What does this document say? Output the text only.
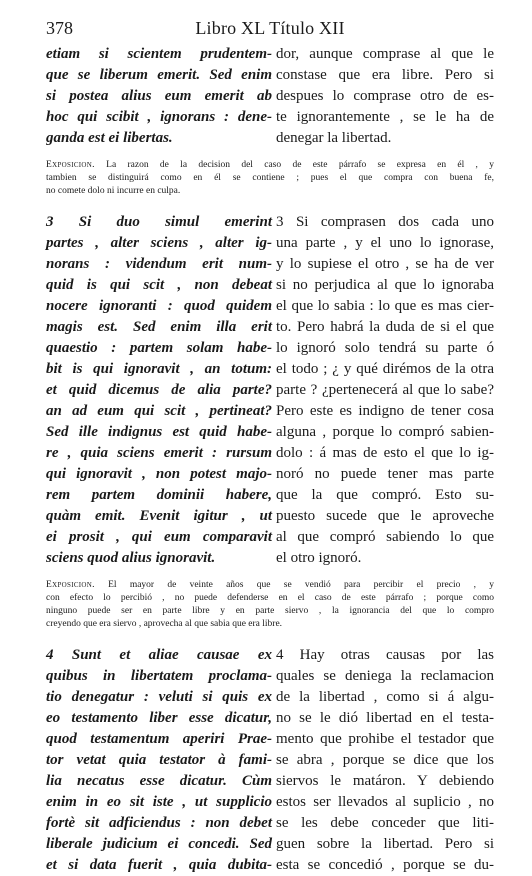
378	Libro XL Título XII
etiam si scientem prudentem-
que se liberum emerit. Sed enim
si postea alius eum emerit ab
hoc qui scibit , ignorans : dene-
ganda est ei libertas.
dor, aunque comprase al que le
constase que era libre. Pero si
despues lo comprase otro de es-
te ignorantemente , se le ha de
denegar la libertad.
Exposicion. La razon de la decision del caso de este párrafo se expresa en él , y
tambien se distinguirá como en él se contiene ; pues el que compra con buena fe,
no comete dolo ni incurre en culpa.
3 Si duo simul emerint
partes , alter sciens , alter ig-
norans : videndum erit num-
quid is qui scit , non debeat
nocere ignoranti : quod quidem
magis est. Sed enim illa erit
quaestio : partem solam habe-
bit is qui ignoravit , an totum:
et quid dicemus de alia parte?
an ad eum qui scit , pertineat?
Sed ille indignus est quid habe-
re , quia sciens emerit : rursum
qui ignoravit , non potest majo-
rem partem dominii habere,
quàm emit. Evenit igitur , ut
ei prosit , qui eum comparavit
sciens quod alius ignoravit.
3 Si comprasen dos cada uno
una parte , y el uno lo ignorase,
y lo supiese el otro , se ha de ver
si no perjudica al que lo ignoraba
el que lo sabia : lo que es mas cier-
to. Pero habrá la duda de si el que
lo ignoró solo tendrá su parte ó
el todo ; ¿ y qué dirémos de la otra
parte ? ¿pertenecerá al que lo sabe?
Pero este es indigno de tener cosa
alguna , porque lo compró sabien-
dolo : á mas de esto el que lo ig-
noró no puede tener mas parte
que la que compró. Esto su-
puesto sucede que le aproveche
al que compró sabiendo lo que
el otro ignoró.
Exposicion. El mayor de veinte años que se vendió para percibir el precio , y
con efecto lo percibió , no puede defenderse en el caso de este párrafo ; porque como
ninguno puede ser en parte libre y en parte siervo , la ignorancia del que lo compro
creyendo que era siervo , aprovecha al que sabia que era libre.
4 Sunt et aliae causae ex
quibus in libertatem proclama-
tio denegatur : veluti si quis ex
eo testamento liber esse dicatur,
quod testamentum aperiri Prae-
tor vetat quia testator à fami-
lia necatus esse dicatur. Cùm
enim in eo sit iste , ut supplicio
fortè sit adficiendus : non debet
liberale judicium ei concedi. Sed
et si data fuerit , quia dubita-
4 Hay otras causas por las
quales se deniega la reclamacion
de la libertad , como si á algu-
no se le dió libertad en el testa-
mento que prohibe el testador que
se abra , porque se dice que los
siervos le matáron. Y debiendo
estos ser llevados al suplicio , no
se les debe conceder que liti-
guen sobre la libertad. Pero si
esta se concedió , porque se du-
